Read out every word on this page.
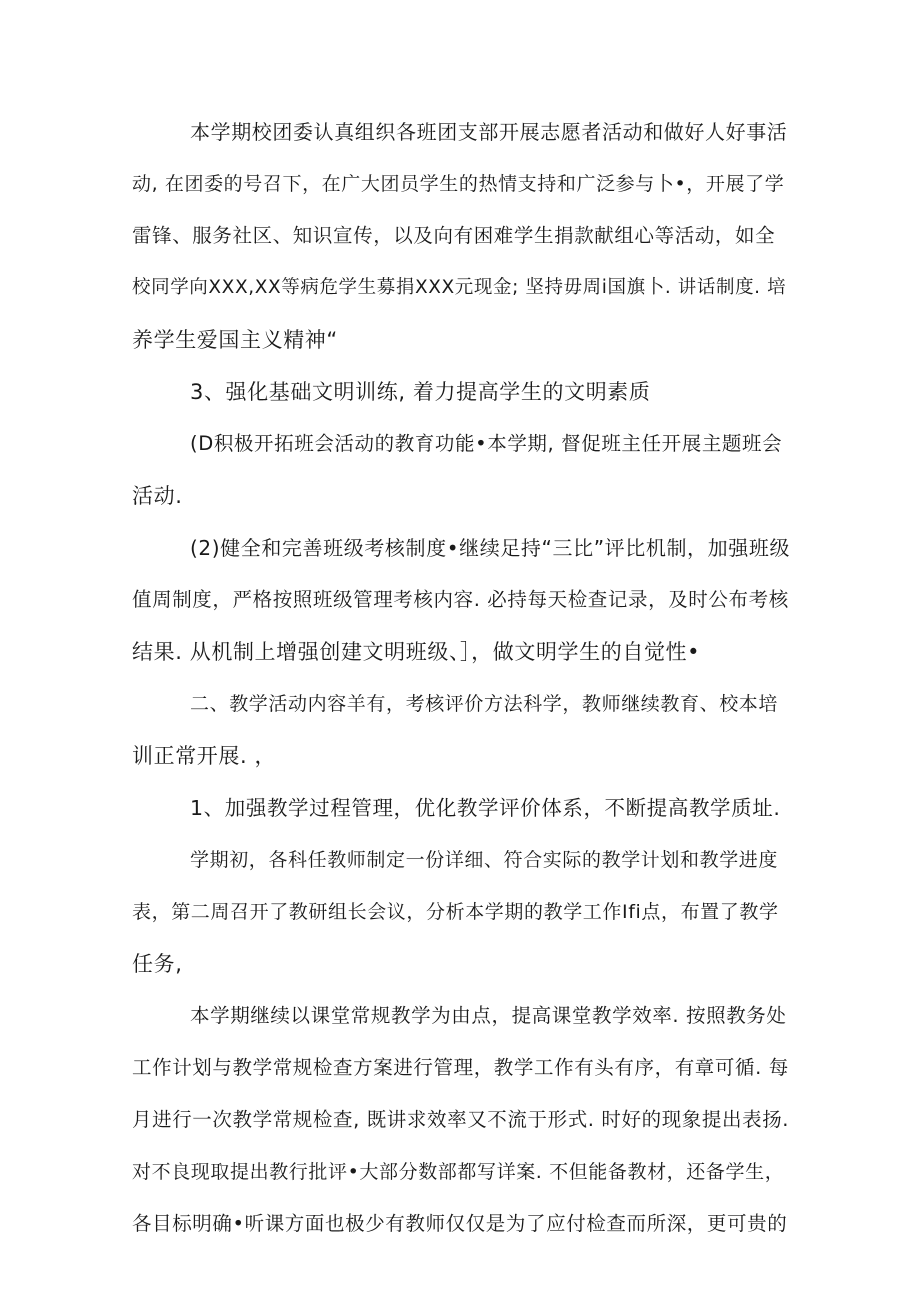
本学期校团委认真组织各班团支部开展志愿者活动和做好人好事活

动, 在团委的号召下，在广大团员学生的热情支持和广泛参与卜•，开展了学

雷锋、服务社区、知识宣传，以及向有困难学生捐款献组心等活动，如全

校同学向XXX,XX等病危学生募捐XXX元现金; 坚持毋周i国旗卜. 讲话制度. 培

养学生爱国主义精神“

3、强化基础文明训练, 着力提高学生的文明素质

(D积极开拓班会活动的教育功能•本学期, 督促班主任开展主题班会

活动.

(2)健全和完善班级考核制度•继续足持“三比”评比机制，加强班级

值周制度，严格按照班级管理考核内容. 必持每天检查记录，及时公布考核

结果. 从机制上增强创建文明班级、］，做文明学生的自觉性•

二、教学活动内容羊有，考核评价方法科学，教师继续教育、校本培

训正常开展. ，

1、加强教学过程管理，优化教学评价体系，不断提高教学质址.

学期初，各科任教师制定一份详细、符合实际的教学计划和教学进度

表，第二周召开了教研组长会议，分析本学期的教学工作Ifi点，布置了教学

任务,

本学期继续以课堂常规教学为由点，提高课堂教学效率. 按照教务处

工作计划与教学常规检查方案进行管理，教学工作有头有序，有章可循. 每

月进行一次教学常规检查, 既讲求效率又不流于形式. 时好的现象提出表扬.

对不良现取提出教行批评•大部分数部都写详案. 不但能备教材，还备学生，

各目标明确•听课方面也极少有教师仅仅是为了应付检查而所深，更可贵的
